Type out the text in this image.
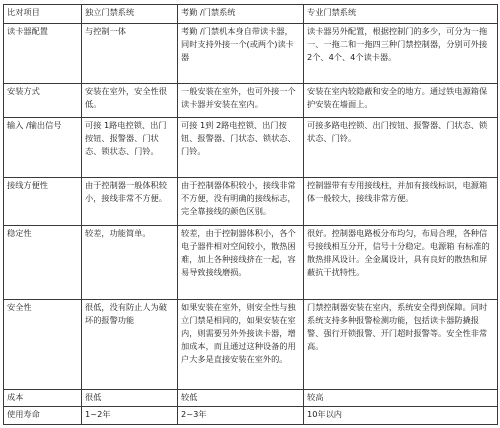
比对项目	独立门禁系统	考勤 /门禁系统	专业门禁系统
读卡器配置	与控制一体	考勤 /门禁机本身自带读卡器，同时支持外接一个(或两个)读卡器	读卡器另外配置，根据控制门的多少，可分为一拖一、一拖二和一拖四三种门禁控制器，分别可外接 2个、4个、4个读卡器。
安装方式	安装在室外，安全性很低。	一般安装在室外，也可外接一个读卡器并安装在室内。	安装在室内较隐蔽和安全的地方。通过铁电源箱保护安装在墙面上。
输入 /输出信号	可接 1路电控锁、出门按钮、报警器、门状态、锁状态、门铃。	可接 1到 2路电控锁、出门按钮、报警器、门状态、锁状态、门铃。	可接多路电控锁、出门按钮、报警器、门状态、锁状态、门铃。
接线方便性	由于控制器一般体积较小，接线非常不方便。	由于控制器体积较小，接线非常不方便，没有明确的接线标志，完全靠接线的颜色区别。	控制器带有专用接线柱，并加有接线标识，电源箱体一般较大，接线非常方便。
稳定性	较差，功能简单。	较差，由于控制器体积小，各个电子器件相对空间较小，散热困难，加上各种接线挤在一起，容易导致接线磨损。	很好。控制器电路板分布均匀，布局合理，各种信号接线相互分开，信号十分稳定。电源箱 有标准的散热排风设计。全金属设计，具有良好的散热和屏蔽抗干扰特性。
安全性	很低，没有防止人为破坏的报警功能	如果安装在室外，则安全性与独立门禁是相同的，如果安装在室内，则需要另外外接读卡器，增加成本，而且通过这种设备的用户大多是直接安装在室外的。	门禁控制器安装在室内，系统安全得到保障。同时系统支持多种报警检测功能，包括读卡器防撬报警、强行开锁报警、开门超时报警等。安全性非常高。
成本	很低	较低	较高
使用寿命	1~2年	2~3年	10年以内
